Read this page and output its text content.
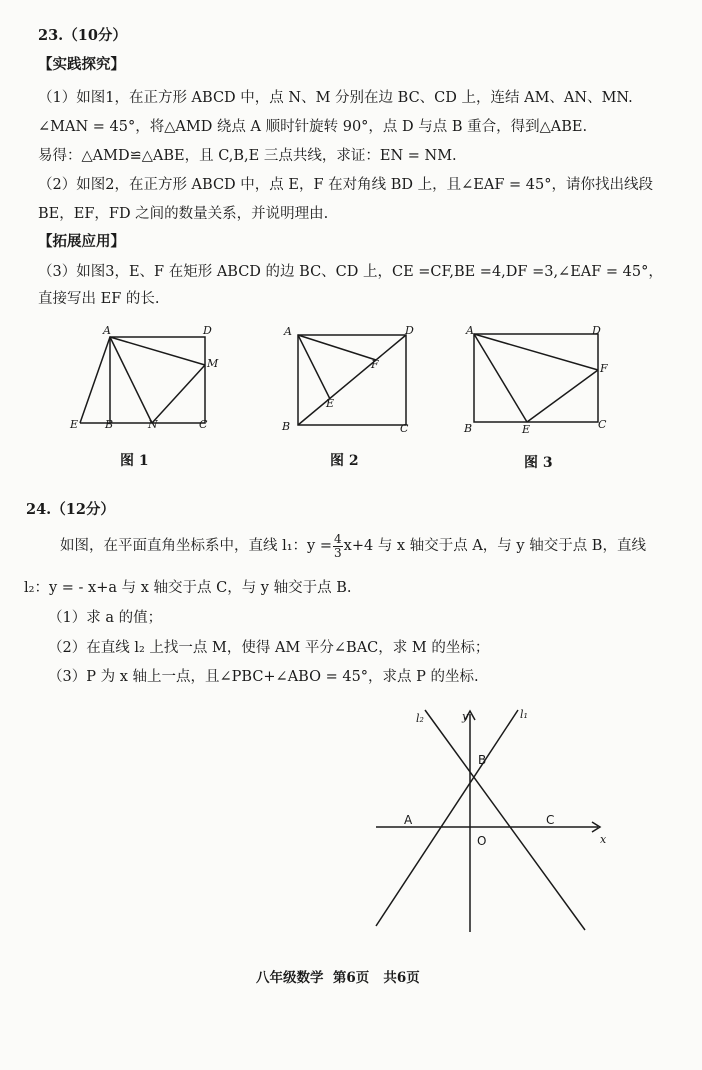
23.（10分）
【实践探究】
（1）如图1，在正方形 ABCD 中，点 N、M 分别在边 BC、CD 上，连结 AM、AN、MN.
∠MAN = 45°，将△AMD 绕点 A 顺时针旋转 90°，点 D 与点 B 重合，得到△ABE.
易得：△AMD≌△ABE，且 C,B,E 三点共线，求证：EN = NM.
（2）如图2，在正方形 ABCD 中，点 E，F 在对角线 BD 上，且∠EAF = 45°，请你找出线段
BE，EF，FD 之间的数量关系，并说明理由.
【拓展应用】
（3）如图3，E、F 在矩形 ABCD 的边 BC、CD 上，CE =CF,BE =4,DF =3,∠EAF = 45°，
直接写出 EF 的长.
A	D
M
E B	N	C
图 1
A	D
F
E
B	C
图 2
A	D
F
B	E	C
图 3
24.（12分）
如图，在平面直角坐标系中，直线 l₁：$y = \frac{4}{3} x+4$ 与 x 轴交于点 A，与 y 轴交于点 B，直线
l₂：y = - x+a 与 x 轴交于点 C，与 y 轴交于点 B.
（1）求 a 的值；
（2）在直线 l₂ 上找一点 M，使得 AM 平分∠BAC，求 M 的坐标；
（3）P 为 x 轴上一点，且∠PBC+∠ABO = 45°，求点 P 的坐标.
l₂	y	l₁
B
A	C
O	x
八年级数学  第6页   共6页
